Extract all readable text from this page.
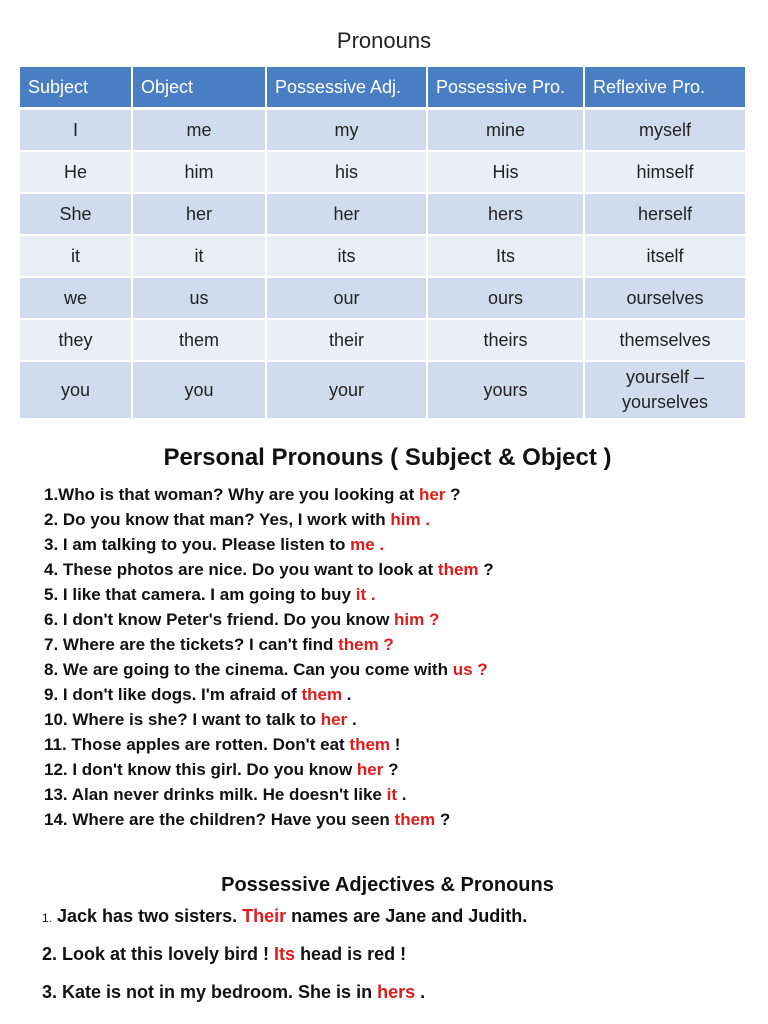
Pronouns
Subject	Object	Possessive Adj.	Possessive Pro.	Reflexive Pro.
I	me	my	mine	myself
He	him	his	His	himself
She	her	her	hers	herself
it	it	its	Its	itself
we	us	our	ours	ourselves
they	them	their	theirs	themselves
you	you	your	yours	yourself –
yourselves
Personal Pronouns ( Subject & Object )
1.Who is that woman? Why are you looking at her ?
2. Do you know that man? Yes, I work with him .
3. I am talking to you. Please listen to me .
4. These photos are nice. Do you want to look at them ?
5. I like that camera. I am going to buy it .
6. I don't know Peter's friend. Do you know him ?
7. Where are the tickets? I can't find them ?
8. We are going to the cinema. Can you come with us ?
9. I don't like dogs. I'm afraid of them .
10. Where is she? I want to talk to her .
11. Those apples are rotten. Don't eat them !
12. I don't know this girl. Do you know her ?
13. Alan never drinks milk. He doesn't like it .
14. Where are the children? Have you seen them ?
Possessive Adjectives & Pronouns
1. Jack has two sisters. Their names are Jane and Judith.
2. Look at this lovely bird ! Its head is red !
3. Kate is not in my bedroom. She is in hers .
